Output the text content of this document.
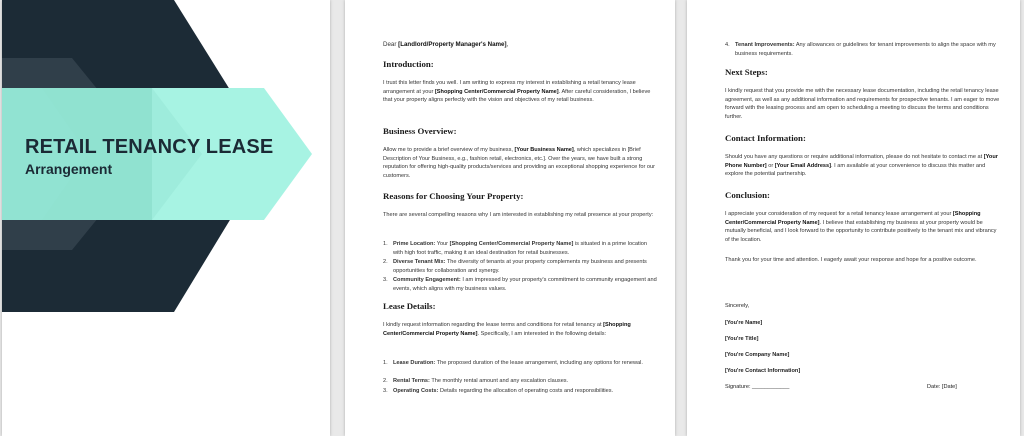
RETAIL TENANCY LEASE
Arrangement
Dear [Landlord/Property Manager's Name],
Introduction:
I trust this letter finds you well. I am writing to express my interest in establishing a retail tenancy lease arrangement at your [Shopping Center/Commercial Property Name]. After careful consideration, I believe that your property aligns perfectly with the vision and objectives of my retail business.
Business Overview:
Allow me to provide a brief overview of my business, [Your Business Name], which specializes in [Brief Description of Your Business, e.g., fashion retail, electronics, etc.]. Over the years, we have built a strong reputation for offering high-quality products/services and providing an exceptional shopping experience for our customers.
Reasons for Choosing Your Property:
There are several compelling reasons why I am interested in establishing my retail presence at your property:
1. Prime Location: Your [Shopping Center/Commercial Property Name] is situated in a prime location with high foot traffic, making it an ideal destination for retail businesses.
2. Diverse Tenant Mix: The diversity of tenants at your property complements my business and presents opportunities for collaboration and synergy.
3. Community Engagement: I am impressed by your property's commitment to community engagement and events, which aligns with my business values.
Lease Details:
I kindly request information regarding the lease terms and conditions for retail tenancy at [Shopping Center/Commercial Property Name]. Specifically, I am interested in the following details:
1. Lease Duration: The proposed duration of the lease arrangement, including any options for renewal.
2. Rental Terms: The monthly rental amount and any escalation clauses.
3. Operating Costs: Details regarding the allocation of operating costs and responsibilities.
4. Tenant Improvements: Any allowances or guidelines for tenant improvements to align the space with my business requirements.
Next Steps:
I kindly request that you provide me with the necessary lease documentation, including the retail tenancy lease agreement, as well as any additional information and requirements for prospective tenants. I am eager to move forward with the leasing process and am open to scheduling a meeting to discuss the terms and conditions further.
Contact Information:
Should you have any questions or require additional information, please do not hesitate to contact me at [Your Phone Number] or [Your Email Address]. I am available at your convenience to discuss this matter and explore the potential partnership.
Conclusion:
I appreciate your consideration of my request for a retail tenancy lease arrangement at your [Shopping Center/Commercial Property Name]. I believe that establishing my business at your property would be mutually beneficial, and I look forward to the opportunity to contribute positively to the tenant mix and vibrancy of the location.
Thank you for your time and attention. I eagerly await your response and hope for a positive outcome.
Sincerely,
[You're Name]
[You're Title]
[You're Company Name]
[You're Contact Information]
Signature: ____________	Date: [Date]
